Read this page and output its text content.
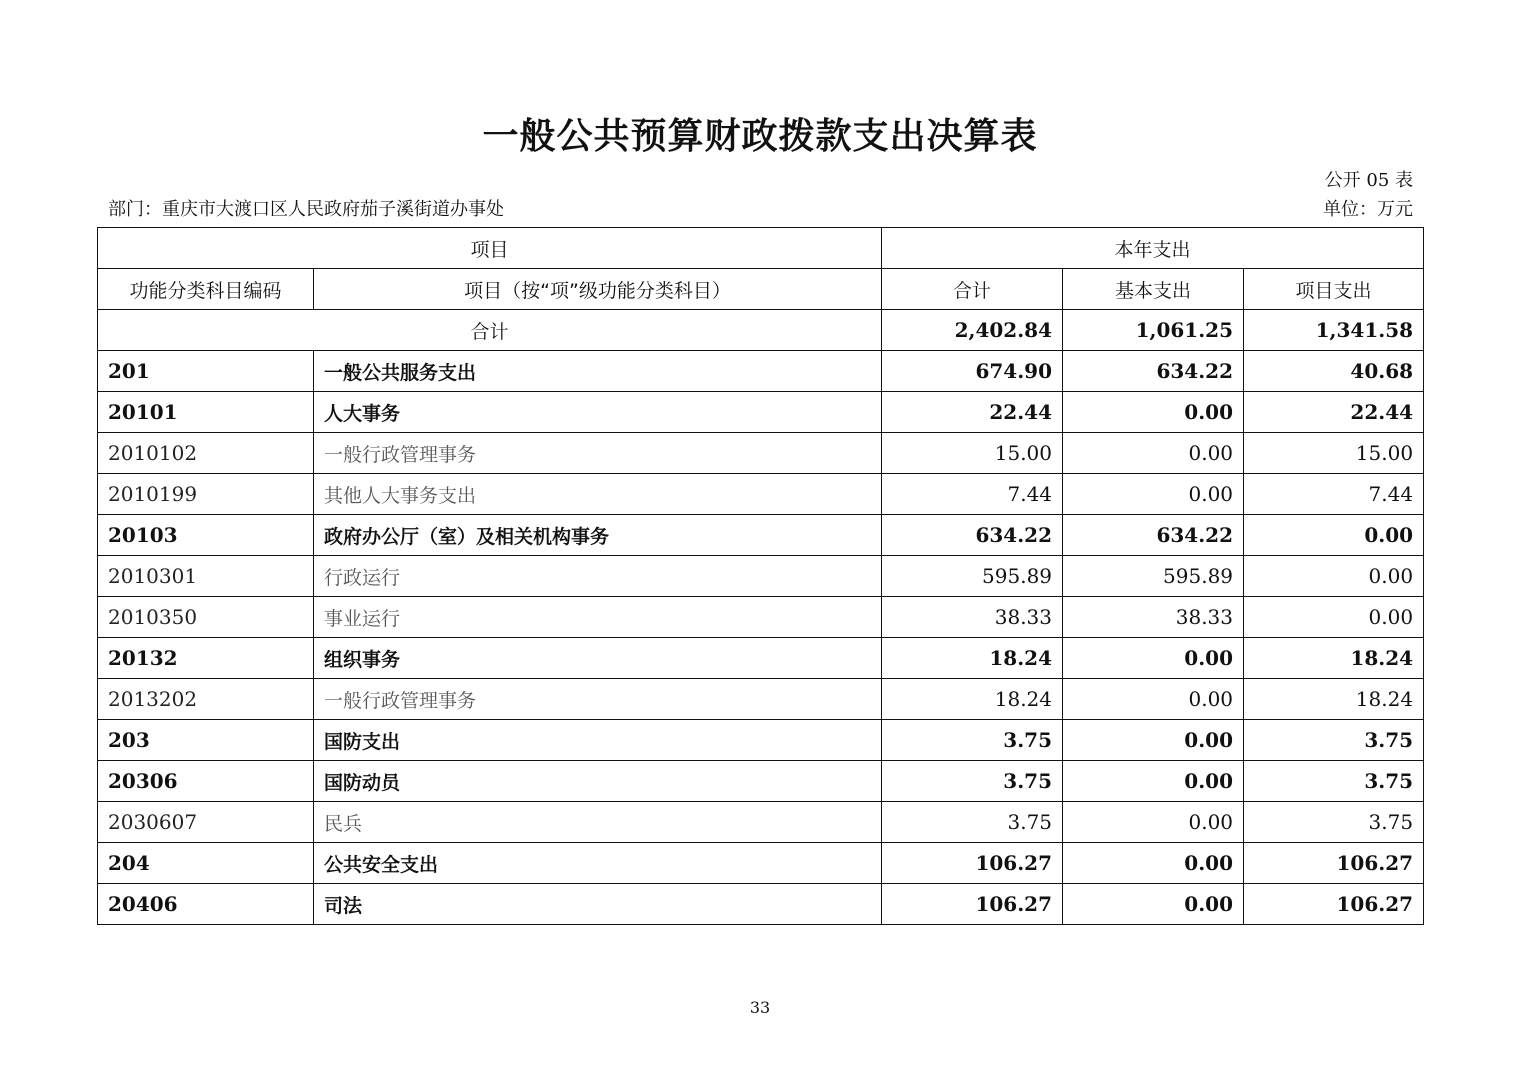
一般公共预算财政拨款支出决算表
公开 05 表
部门：重庆市大渡口区人民政府茄子溪街道办事处	单位：万元
项目		本年支出		
功能分类科目编码	项目（按“项”级功能分类科目）	合计	基本支出	项目支出
合计		2,402.84	1,061.25	1,341.58
201	一般公共服务支出	674.90	634.22	40.68
20101	人大事务	22.44	0.00	22.44
2010102	一般行政管理事务	15.00	0.00	15.00
2010199	其他人大事务支出	7.44	0.00	7.44
20103	政府办公厅（室）及相关机构事务	634.22	634.22	0.00
2010301	行政运行	595.89	595.89	0.00
2010350	事业运行	38.33	38.33	0.00
20132	组织事务	18.24	0.00	18.24
2013202	一般行政管理事务	18.24	0.00	18.24
203	国防支出	3.75	0.00	3.75
20306	国防动员	3.75	0.00	3.75
2030607	民兵	3.75	0.00	3.75
204	公共安全支出	106.27	0.00	106.27
20406	司法	106.27	0.00	106.27
33
